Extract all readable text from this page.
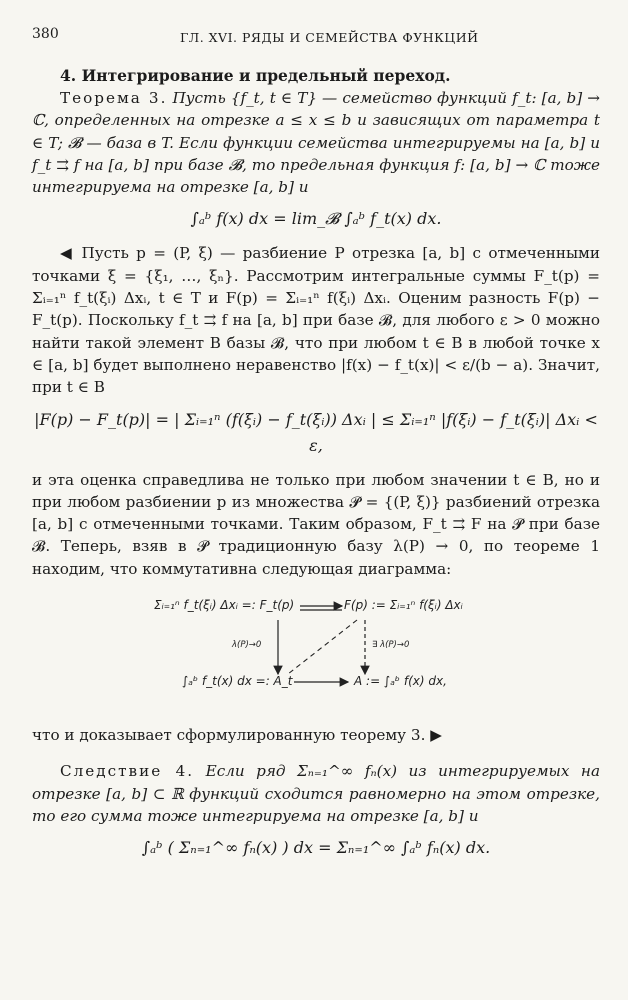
380	ГЛ. XVI. РЯДЫ И СЕМЕЙСТВА ФУНКЦИЙ
4. Интегрирование и предельный переход.

Теорема 3. Пусть {f_t, t ∈ T} — семейство функций f_t: [a, b] → ℂ, определенных на отрезке a ≤ x ≤ b и зависящих от параметра t ∈ T; 𝓑 — база в T. Если функции семейства интегрируемы на [a, b] и f_t ⇉ f на [a, b] при базе 𝓑, то предельная функция f: [a, b] → ℂ тоже интегрируема на отрезке [a, b] и

∫ₐᵇ f(x) dx = lim_𝓑 ∫ₐᵇ f_t(x) dx.

◀ Пусть p = (P, ξ) — разбиение P отрезка [a, b] с отмеченными точками ξ = {ξ₁, …, ξₙ}. Рассмотрим интегральные суммы F_t(p) = Σᵢ₌₁ⁿ f_t(ξᵢ) Δxᵢ, t ∈ T и F(p) = Σᵢ₌₁ⁿ f(ξᵢ) Δxᵢ. Оценим разность F(p) − F_t(p). Поскольку f_t ⇉ f на [a, b] при базе 𝓑, для любого ε > 0 можно найти такой элемент B базы 𝓑, что при любом t ∈ B в любой точке x ∈ [a, b] будет выполнено неравенство |f(x) − f_t(x)| < ε/(b − a). Значит, при t ∈ B

|F(p) − F_t(p)| = | Σᵢ₌₁ⁿ (f(ξᵢ) − f_t(ξᵢ)) Δxᵢ | ≤ Σᵢ₌₁ⁿ |f(ξᵢ) − f_t(ξᵢ)| Δxᵢ < ε,

и эта оценка справедлива не только при любом значении t ∈ B, но и при любом разбиении p из множества 𝓟 = {(P, ξ)} разбиений отрезка [a, b] с отмеченными точками. Таким образом, F_t ⇉ F на 𝓟 при базе 𝓑. Теперь, взяв в 𝓟 традиционную базу λ(P) → 0, по теореме 1 находим, что коммутативна следующая диаграмма:

Σᵢ₌₁ⁿ f_t(ξᵢ) Δxᵢ =: F_t(p)	F(p) := Σᵢ₌₁ⁿ f(ξᵢ) Δxᵢ
∫ₐᵇ f_t(x) dx =: A_t	A := ∫ₐᵇ f(x) dx,
λ(P)→0	∃ λ(P)→0

что и доказывает сформулированную теорему 3. ▶

Следствие 4. Если ряд Σₙ₌₁^∞ fₙ(x) из интегрируемых на отрезке [a, b] ⊂ ℝ функций сходится равномерно на этом отрезке, то его сумма тоже интегрируема на отрезке [a, b] и

∫ₐᵇ ( Σₙ₌₁^∞ fₙ(x) ) dx = Σₙ₌₁^∞ ∫ₐᵇ fₙ(x) dx.
